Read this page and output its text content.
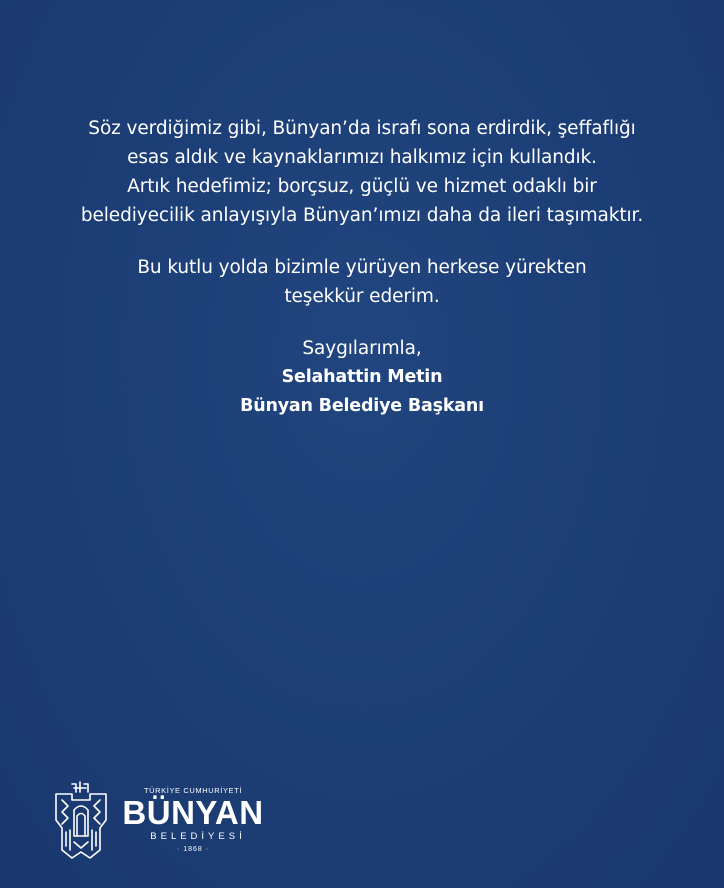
Söz verdiğimiz gibi, Bünyan’da israfı sona erdirdik, şeffaflığı
esas aldık ve kaynaklarımızı halkımız için kullandık.
Artık hedefimiz; borçsuz, güçlü ve hizmet odaklı bir
belediyecilik anlayışıyla Bünyan’ımızı daha da ileri taşımaktır.

Bu kutlu yolda bizimle yürüyen herkese yürekten
teşekkür ederim.

Saygılarımla,
Selahattin Metin
Bünyan Belediye Başkanı
TÜRKİYE CUMHURİYETİ
BÜNYAN
BELEDİYESİ
· 1868 ·
